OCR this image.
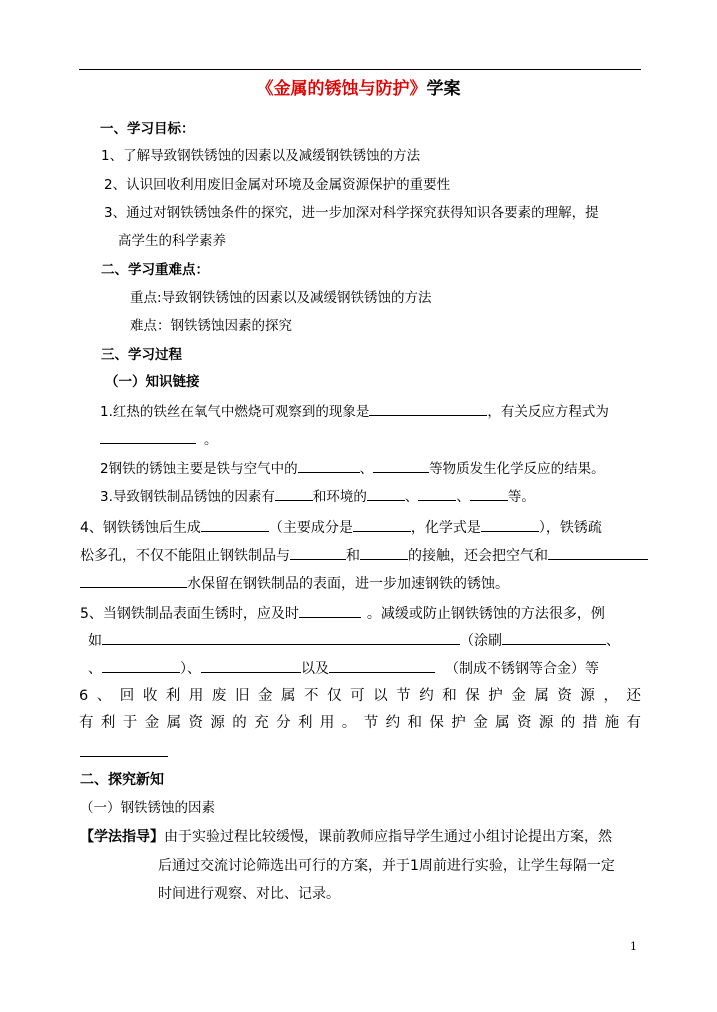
《金属的锈蚀与防护》学案
一、学习目标：
1、了解导致钢铁锈蚀的因素以及减缓钢铁锈蚀的方法
2、认识回收利用废旧金属对环境及金属资源保护的重要性
3、通过对钢铁锈蚀条件的探究，进一步加深对科学探究获得知识各要素的理解，提
高学生的科学素养
二、学习重难点：
重点:导致钢铁锈蚀的因素以及减缓钢铁锈蚀的方法
难点：钢铁锈蚀因素的探究
三、学习过程
（一）知识链接
1.红热的铁丝在氧气中燃烧可观察到的现象是	，有关反应方程式为
。
2钢铁的锈蚀主要是铁与空气中的	、	等物质发生化学反应的结果。
3.导致钢铁制品锈蚀的因素有	和环境的	、	、	等。
4、钢铁锈蚀后生成	（主要成分是	，化学式是	），铁锈疏
松多孔，不仅不能阻止钢铁制品与	和	的接触，还会把空气和
水保留在钢铁制品的表面，进一步加速钢铁的锈蚀。
5、当钢铁制品表面生锈时，应及时	。减缓或防止钢铁锈蚀的方法很多，例
如	（涂刷	、
、	）、	以及	（制成不锈钢等合金）等
6、回收利用废旧金属不仅可以节约和保护金属资源，还
有利于金属资源的充分利用。节约和保护金属资源的措施有
二、探究新知
（一）钢铁锈蚀的因素
【学法指导】由于实验过程比较缓慢，课前教师应指导学生通过小组讨论提出方案，然
后通过交流讨论筛选出可行的方案，并于1周前进行实验，让学生每隔一定
时间进行观察、对比、记录。
1
